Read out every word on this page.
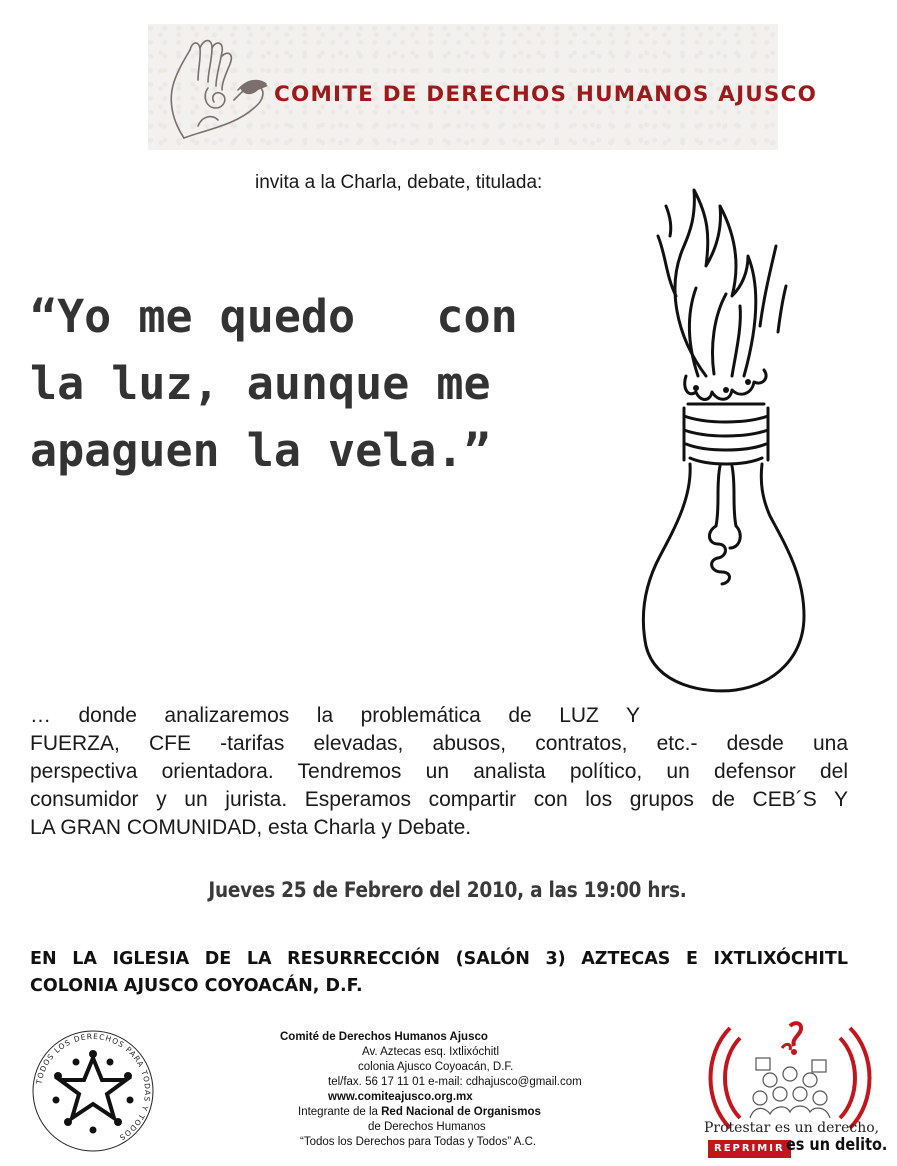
COMITE DE DERECHOS HUMANOS AJUSCO
invita a la Charla, debate, titulada:
“Yo me quedo   con
la luz, aunque me
apaguen la vela.”
… donde analizaremos la problemática de LUZ Y
FUERZA, CFE -tarifas elevadas, abusos, contratos, etc.- desde una
perspectiva orientadora. Tendremos un analista político, un defensor del
consumidor y un jurista. Esperamos compartir con los grupos de CEB´S Y
LA GRAN COMUNIDAD, esta Charla y Debate.
Jueves 25 de Febrero del 2010, a las 19:00 hrs.
EN LA IGLESIA DE LA RESURRECCIÓN (SALÓN 3) AZTECAS E IXTLIXÓCHITL
COLONIA AJUSCO COYOACÁN, D.F.
TODOS LOS DERECHOS PARA TODAS Y TODOS
Comité de Derechos Humanos Ajusco
Av. Aztecas esq. Ixtlixóchitl
colonia Ajusco Coyoacán, D.F.
tel/fax. 56 17 11 01 e-mail: cdhajusco@gmail.com
www.comiteajusco.org.mx
Integrante de la Red Nacional de Organismos
de Derechos Humanos
“Todos los Derechos para Todas y Todos” A.C.
Protestar es un derecho,
REPRIMIR es un delito.
